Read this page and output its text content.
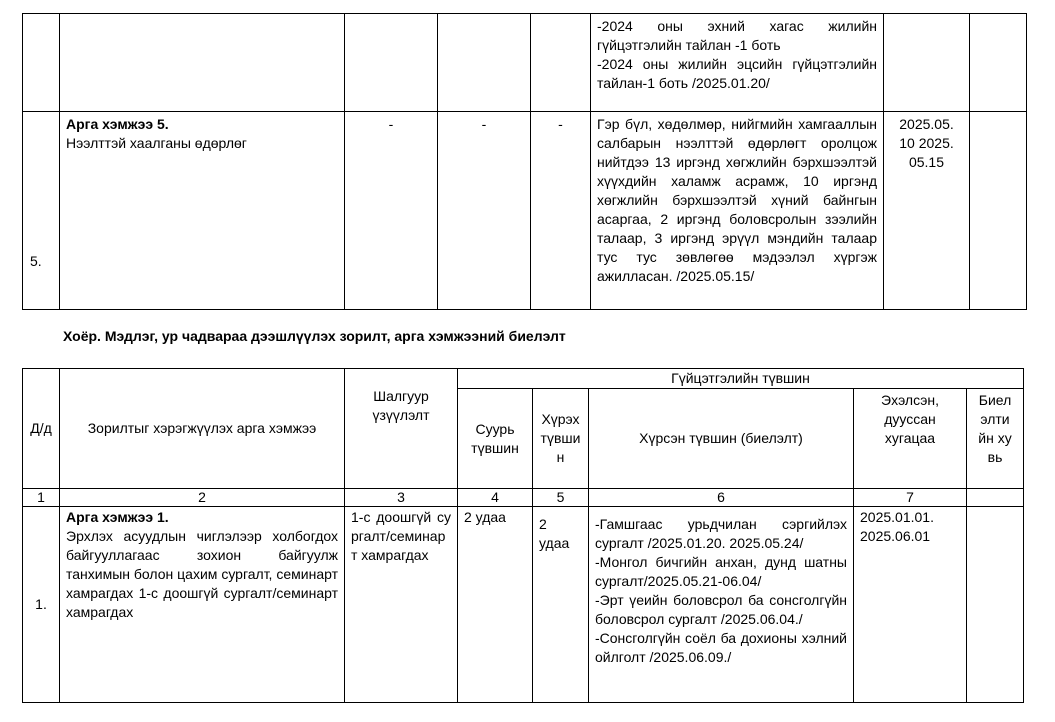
					-2024 оны эхний хагас жилийн гүйцэтгэлийн тайлан -1 боть
-2024 оны жилийн эцсийн гүйцэтгэлийн тайлан-1 боть /2025.01.20/		

5.	Арга хэмжээ 5.
Нээлттэй хаалганы өдөрлөг	-	-	-	Гэр бүл, хөдөлмөр, нийгмийн хамгааллын салбарын нээлттэй өдөрлөгт оролцож нийтдээ 13 иргэнд хөгжлийн бэрхшээлтэй хүүхдийн халамж асрамж, 10 иргэнд хөгжлийн бэрхшээлтэй хүний байнгын асаргаа, 2 иргэнд боловсролын зээлийн талаар, 3 иргэнд эрүүл мэндийн талаар тус тус зөвлөгөө мэдээлэл хүргэж ажилласан. /2025.05.15/	2025.05.10 2025.05.15	
Хоёр. Мэдлэг, ур чадвараа дээшлүүлэх зорилт, арга хэмжээний биелэлт
Д/д	Зорилтыг хэрэгжүүлэх арга хэмжээ	Шалгуур үзүүлэлт	Гүйцэтгэлийн түвшин				
			Суурь түвшин	Хүрэх түвшин	Хүрсэн түвшин (биелэлт)	Эхэлсэн, дууссан хугацаа	Биелэлтийн хувь
1	2	3	4	5	6	7	
1.	Арга хэмжээ 1.
Эрхлэх асуудлын чиглэлээр холбогдох байгууллагаас зохион байгуулж танхимын болон цахим сургалт, семинарт хамрагдах 1-с доошгүй сургалт/семинарт хамрагдах	1-с доошгүй сургалт/семинарт хамрагдах	2 удаа	2 удаа	-Гамшгаас урьдчилан сэргийлэх сургалт /2025.01.20. 2025.05.24/
-Монгол бичгийн анхан, дунд шатны сургалт/2025.05.21-06.04/
-Эрт үеийн боловсрол ба сонсголгүйн боловсрол сургалт /2025.06.04./
-Сонсголгүйн соёл ба дохионы хэлний ойлголт /2025.06.09./	2025.01.01.
2025.06.01	
